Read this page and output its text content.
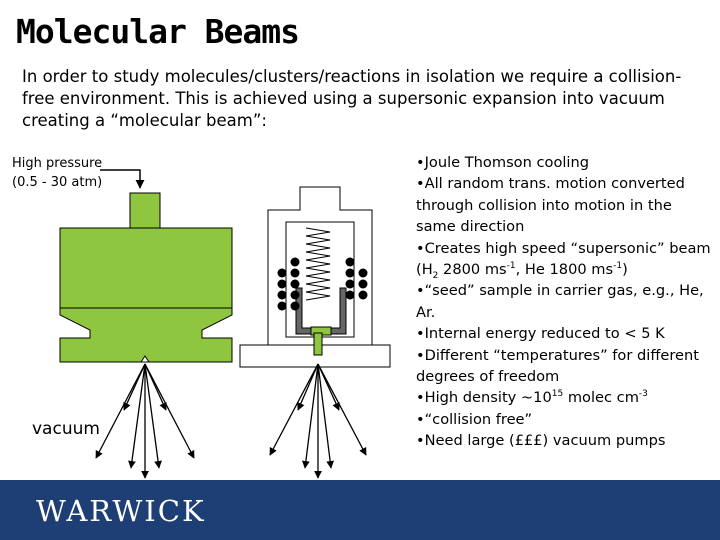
Molecular Beams

In order to study molecules/clusters/reactions in isolation we require a collision-free environment. This is achieved using a supersonic expansion into vacuum creating a “molecular beam”:

High pressure
(0.5 - 30 atm)
vacuum
•Joule Thomson cooling
•All random trans. motion converted through collision into motion in the same direction
•Creates high speed “supersonic” beam ($H_2$ 2800 $ms^{-1}$, He 1800 $ms^{-1}$)
•“seed” sample in carrier gas, e.g., He, Ar.
•Internal energy reduced to < 5 K
•Different “temperatures” for different degrees of freedom
•High density $\sim 10^{15}$ molec $cm^{-3}$
•“collision free”
•Need large (£££) vacuum pumps
WARWICK
